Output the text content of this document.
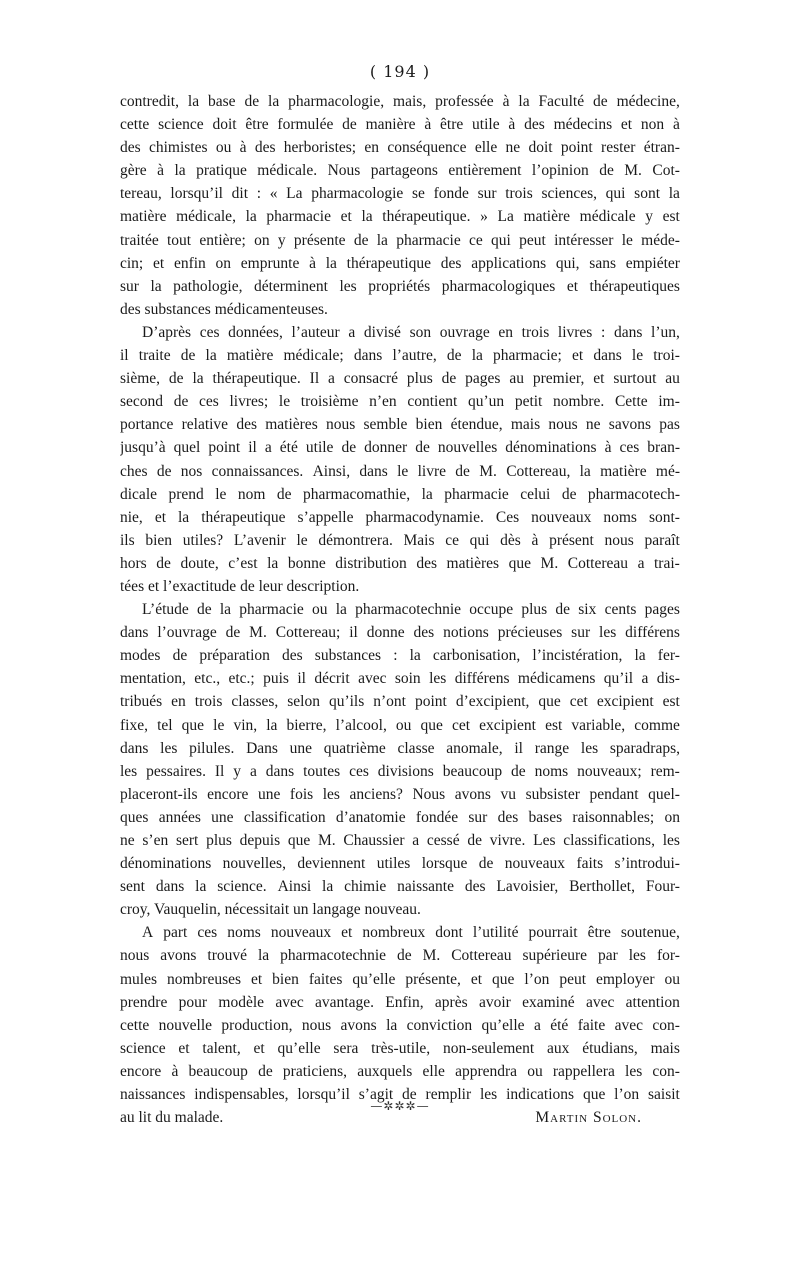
( 194 )
contredit, la base de la pharmacologie, mais, professée à la Faculté de médecine,
cette science doit être formulée de manière à être utile à des médecins et non à
des chimistes ou à des herboristes; en conséquence elle ne doit point rester étran-
gère à la pratique médicale. Nous partageons entièrement l’opinion de M. Cot-
tereau, lorsqu’il dit : « La pharmacologie se fonde sur trois sciences, qui sont la
matière médicale, la pharmacie et la thérapeutique. » La matière médicale y est
traitée tout entière; on y présente de la pharmacie ce qui peut intéresser le méde-
cin; et enfin on emprunte à la thérapeutique des applications qui, sans empiéter
sur la pathologie, déterminent les propriétés pharmacologiques et thérapeutiques
des substances médicamenteuses.
D’après ces données, l’auteur a divisé son ouvrage en trois livres : dans l’un,
il traite de la matière médicale; dans l’autre, de la pharmacie; et dans le troi-
sième, de la thérapeutique. Il a consacré plus de pages au premier, et surtout au
second de ces livres; le troisième n’en contient qu’un petit nombre. Cette im-
portance relative des matières nous semble bien étendue, mais nous ne savons pas
jusqu’à quel point il a été utile de donner de nouvelles dénominations à ces bran-
ches de nos connaissances. Ainsi, dans le livre de M. Cottereau, la matière mé-
dicale prend le nom de pharmacomathie, la pharmacie celui de pharmacotech-
nie, et la thérapeutique s’appelle pharmacodynamie. Ces nouveaux noms sont-
ils bien utiles? L’avenir le démontrera. Mais ce qui dès à présent nous paraît
hors de doute, c’est la bonne distribution des matières que M. Cottereau a trai-
tées et l’exactitude de leur description.
L’étude de la pharmacie ou la pharmacotechnie occupe plus de six cents pages
dans l’ouvrage de M. Cottereau; il donne des notions précieuses sur les différens
modes de préparation des substances : la carbonisation, l’incistération, la fer-
mentation, etc., etc.; puis il décrit avec soin les différens médicamens qu’il a dis-
tribués en trois classes, selon qu’ils n’ont point d’excipient, que cet excipient est
fixe, tel que le vin, la bierre, l’alcool, ou que cet excipient est variable, comme
dans les pilules. Dans une quatrième classe anomale, il range les sparadraps,
les pessaires. Il y a dans toutes ces divisions beaucoup de noms nouveaux; rem-
placeront-ils encore une fois les anciens? Nous avons vu subsister pendant quel-
ques années une classification d’anatomie fondée sur des bases raisonnables; on
ne s’en sert plus depuis que M. Chaussier a cessé de vivre. Les classifications, les
dénominations nouvelles, deviennent utiles lorsque de nouveaux faits s’introdui-
sent dans la science. Ainsi la chimie naissante des Lavoisier, Berthollet, Four-
croy, Vauquelin, nécessitait un langage nouveau.
A part ces noms nouveaux et nombreux dont l’utilité pourrait être soutenue,
nous avons trouvé la pharmacotechnie de M. Cottereau supérieure par les for-
mules nombreuses et bien faites qu’elle présente, et que l’on peut employer ou
prendre pour modèle avec avantage. Enfin, après avoir examiné avec attention
cette nouvelle production, nous avons la conviction qu’elle a été faite avec con-
science et talent, et qu’elle sera très-utile, non-seulement aux étudians, mais
encore à beaucoup de praticiens, auxquels elle apprendra ou rappellera les con-
naissances indispensables, lorsqu’il s’agit de remplir les indications que l’on saisit
au lit du malade.	Martin Solon.
—✲✲✲—
